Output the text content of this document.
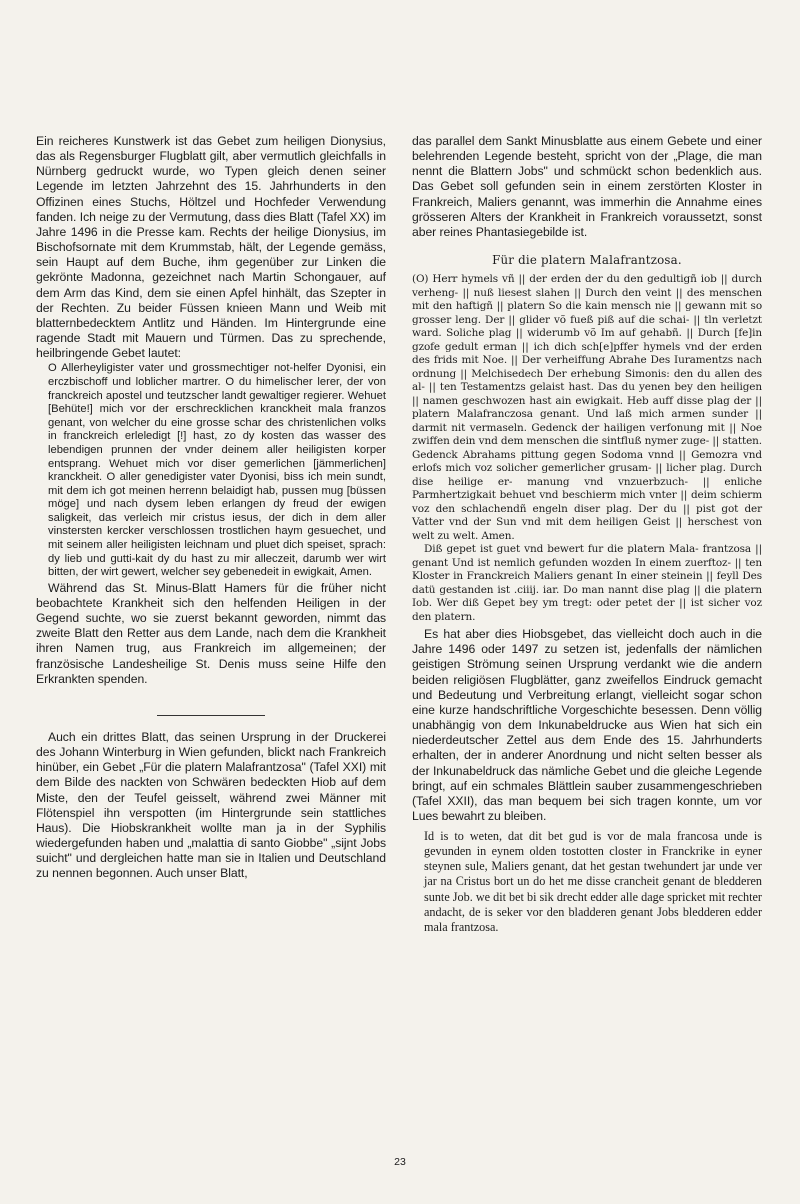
Ein reicheres Kunstwerk ist das Gebet zum heiligen Dionysius, das als Regensburger Flugblatt gilt, aber vermutlich gleichfalls in Nürnberg gedruckt wurde, wo Typen gleich denen seiner Legende im letzten Jahrzehnt des 15. Jahrhunderts in den Offizinen eines Stuchs, Höltzel und Hochfeder Verwendung fanden. Ich neige zu der Vermutung, dass dies Blatt (Tafel XX) im Jahre 1496 in die Presse kam. Rechts der heilige Dionysius, im Bischofsornate mit dem Krummstab, hält, der Legende gemäss, sein Haupt auf dem Buche, ihm gegenüber zur Linken die gekrönte Madonna, gezeichnet nach Martin Schongauer, auf dem Arm das Kind, dem sie einen Apfel hinhält, das Szepter in der Rechten. Zu beider Füssen knieen Mann und Weib mit blatternbedecktem Antlitz und Händen. Im Hintergrunde eine ragende Stadt mit Mauern und Türmen. Das zu sprechende, heilbringende Gebet lautet:

O Allerheyligister vater und grossmechtiger not-helfer Dyonisi, ein erczbischoff und loblicher martrer. O du himelischer lerer, der von franckreich apostel und teutzscher landt gewaltiger regierer. Wehuet [Behüte!] mich vor der erschrecklichen kranckheit mala franzos genant, von welcher du eine grosse schar des christenlichen volks in franckreich erleledigt [!] hast, zo dy kosten das wasser des lebendigen prunnen der vnder deinem aller heiligisten korper entsprang. Wehuet mich vor diser gemerlichen [jämmerlichen] kranckheit. O aller genedigister vater Dyonisi, biss ich mein sundt, mit dem ich got meinen herrenn belaidigt hab, pussen mug [büssen möge] und nach dysem leben erlangen dy freud der ewigen saligkeit, das verleich mir cristus iesus, der dich in dem aller vinstersten kercker verschlossen trostlichen haym gesuechet, und mit seinem aller heiligisten leichnam und pluet dich speiset, sprach: dy lieb und gutti-kait dy du hast zu mir alleczeit, darumb wer wirt bitten, der wirt gewert, welcher sey gebenedeit in ewigkait, Amen.

Während das St. Minus-Blatt Hamers für die früher nicht beobachtete Krankheit sich den helfenden Heiligen in der Gegend suchte, wo sie zuerst bekannt geworden, nimmt das zweite Blatt den Retter aus dem Lande, nach dem die Krankheit ihren Namen trug, aus Frankreich im allgemeinen; der französische Landesheilige St. Denis muss seine Hilfe den Erkrankten spenden.

Auch ein drittes Blatt, das seinen Ursprung in der Druckerei des Johann Winterburg in Wien gefunden, blickt nach Frankreich hinüber, ein Gebet „Für die platern Malafrantzosa" (Tafel XXI) mit dem Bilde des nackten von Schwären bedeckten Hiob auf dem Miste, den der Teufel geisselt, während zwei Männer mit Flötenspiel ihn verspotten (im Hintergrunde sein stattliches Haus). Die Hiobskrankheit wollte man ja in der Syphilis wiedergefunden haben und „malattia di santo Giobbe" „sijnt Jobs suicht" und dergleichen hatte man sie in Italien und Deutschland zu nennen begonnen. Auch unser Blatt,

das parallel dem Sankt Minusblatte aus einem Gebete und einer belehrenden Legende besteht, spricht von der „Plage, die man nennt die Blattern Jobs" und schmückt schon bedenklich aus. Das Gebet soll gefunden sein in einem zerstörten Kloster in Frankreich, Maliers genannt, was immerhin die Annahme eines grösseren Alters der Krankheit in Frankreich voraussetzt, sonst aber reines Phantasiegebilde ist.

Für die platern Malafrantzosa.

(O) Herr hymels vñ || der erden der du den gedultigñ iob || durch verheng- || nuß liesest slahen || Durch den veint || des menschen mit den haftigñ || platern So die kain mensch nie || gewann mit so grosser leng. Der || glider võ fueß piß auf die schai- || tln verletzt ward. Soliche plag || widerumb võ Im auf gehabñ. || Durch [fe]in gzofe gedult erman || ich dich sch[e]pffer hymels vnd der erden des frids mit Noe. || Der verheiffung Abrahe Des Iuramentzs nach ordnung || Melchisedech Der erhebung Simonis: den du allen des al- || ten Testamentzs gelaist hast. Das du yenen bey den heiligen || namen geschwozen hast ain ewigkait. Heb auff disse plag der || platern Malafranczosa genant. Und laß mich armen sunder || darmit nit vermaseln. Gedenck der hailigen verfonung mit || Noe zwiffen dein vnd dem menschen die sintfluß nymer zuge- || statten. Gedenck Abrahams pittung gegen Sodoma vnnd || Gemozra vnd erlofs mich voz solicher gemerlicher grusam- || licher plag. Durch dise heilige er- manung vnd vnzuerbzuch- || enliche Parmhertzigkait behuet vnd beschierm mich vnter || deim schierm voz den schlachendñ engeln diser plag. Der du || pist got der Vatter vnd der Sun vnd mit dem heiligen Geist || herschest von welt zu welt. Amen.

Diß gepet ist guet vnd bewert fur die platern Mala- frantzosa || genant Und ist nemlich gefunden wozden In einem zuerftoz- || ten Kloster in Franckreich Maliers genant In einer steinein || feyll Des datü gestanden ist .ciiij. iar. Do man nannt dise plag || die platern Iob. Wer diß Gepet bey ym tregt: oder petet der || ist sicher voz den platern.

Es hat aber dies Hiobsgebet, das vielleicht doch auch in die Jahre 1496 oder 1497 zu setzen ist, jedenfalls der nämlichen geistigen Strömung seinen Ursprung verdankt wie die andern beiden religiösen Flugblätter, ganz zweifellos Eindruck gemacht und Bedeutung und Verbreitung erlangt, vielleicht sogar schon eine kurze handschriftliche Vorgeschichte besessen. Denn völlig unabhängig von dem Inkunabeldrucke aus Wien hat sich ein niederdeutscher Zettel aus dem Ende des 15. Jahrhunderts erhalten, der in anderer Anordnung und nicht selten besser als der Inkunabeldruck das nämliche Gebet und die gleiche Legende bringt, auf ein schmales Blättlein sauber zusammengeschrieben (Tafel XXII), das man bequem bei sich tragen konnte, um vor Lues bewahrt zu bleiben.

Id is to weten, dat dit bet gud is vor de mala francosa unde is gevunden in eynem olden tostotten closter in Franckrike in eyner steynen sule, Maliers genant, dat het gestan twehundert jar unde ver jar na Cristus bort un do het me disse crancheit genant de bledderen sunte Job. we dit bet bi sik drecht edder alle dage spricket mit rechter andacht, de is seker vor den bladderen genant Jobs bledderen edder mala frantzosa.

23
